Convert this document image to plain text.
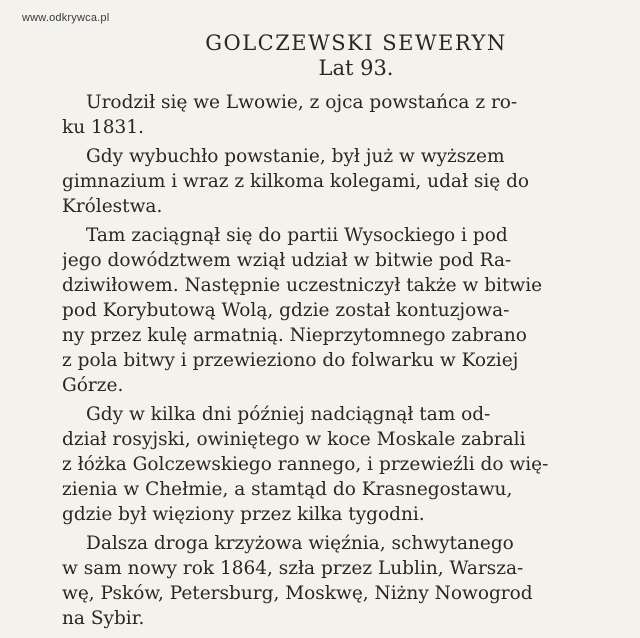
www.odkrywca.pl
GOLCZEWSKI SEWERYN
Lat 93.
Urodził się we Lwowie, z ojca powstańca z ro-
ku 1831.
Gdy wybuchło powstanie, był już w wyższem
gimnazium i wraz z kilkoma kolegami, udał się do
Królestwa.
Tam zaciągnął się do partii Wysockiego i pod
jego dowództwem wziął udział w bitwie pod Ra-
dziwiłowem. Następnie uczestniczył także w bitwie
pod Korybutową Wolą, gdzie został kontuzjowa-
ny przez kulę armatnią. Nieprzytomnego zabrano
z pola bitwy i przewieziono do folwarku w Koziej
Górze.
Gdy w kilka dni później nadciągnął tam od-
dział rosyjski, owiniętego w koce Moskale zabrali
z łóżka Golczewskiego rannego, i przewieźli do wię-
zienia w Chełmie, a stamtąd do Krasnegostawu,
gdzie był więziony przez kilka tygodni.
Dalsza droga krzyżowa więźnia, schwytanego
w sam nowy rok 1864, szła przez Lublin, Warsza-
wę, Psków, Petersburg, Moskwę, Niżny Nowogrod
na Sybir.
